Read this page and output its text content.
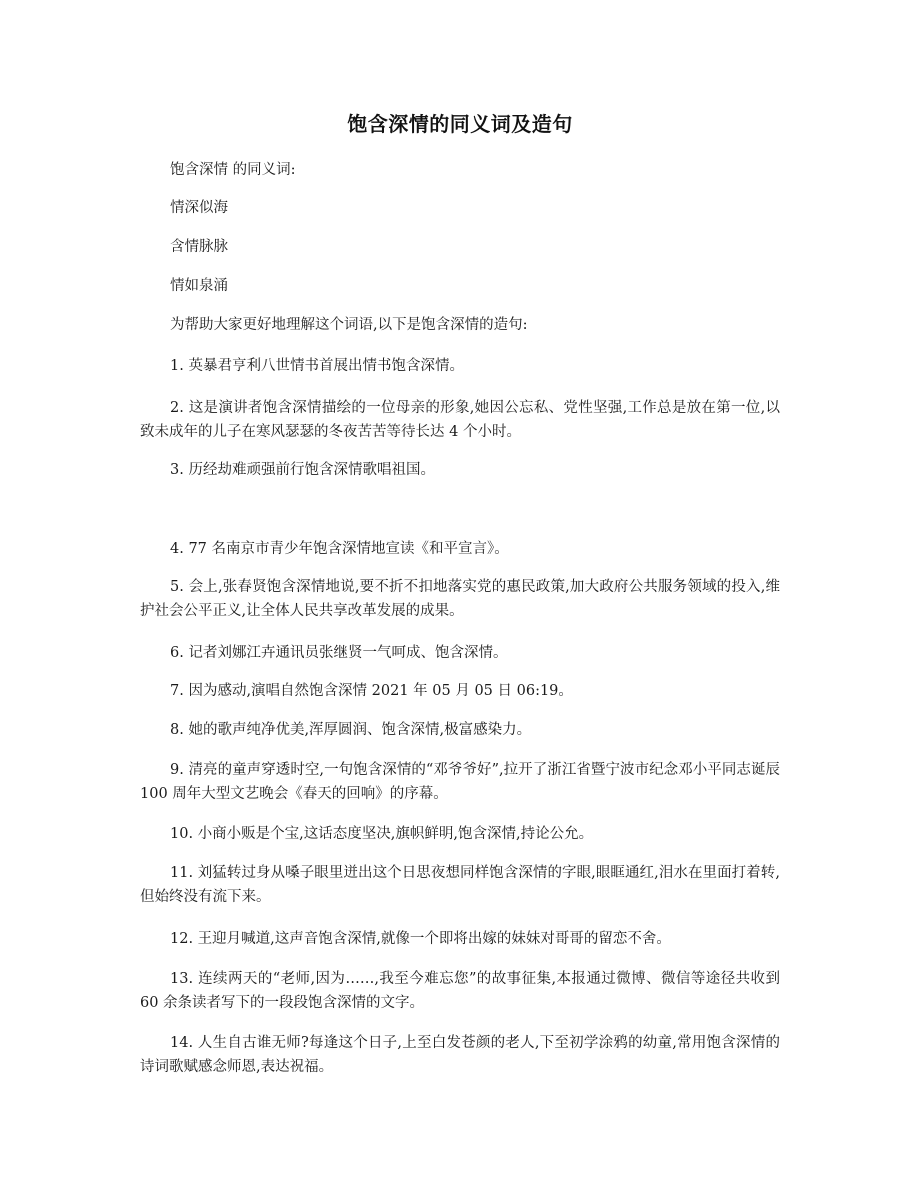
饱含深情的同义词及造句
饱含深情 的同义词:
情深似海
含情脉脉
情如泉涌
为帮助大家更好地理解这个词语,以下是饱含深情的造句:
1. 英暴君亨利八世情书首展出情书饱含深情。
2. 这是演讲者饱含深情描绘的一位母亲的形象,她因公忘私、党性坚强,工作总是放在第一位,以致未成年的儿子在寒风瑟瑟的冬夜苦苦等待长达 4 个小时。
3. 历经劫难顽强前行饱含深情歌唱祖国。
4. 77 名南京市青少年饱含深情地宣读《和平宣言》。
5. 会上,张春贤饱含深情地说,要不折不扣地落实党的惠民政策,加大政府公共服务领域的投入,维护社会公平正义,让全体人民共享改革发展的成果。
6. 记者刘娜江卉通讯员张继贤一气呵成、饱含深情。
7. 因为感动,演唱自然饱含深情 2021 年 05 月 05 日 06:19。
8. 她的歌声纯净优美,浑厚圆润、饱含深情,极富感染力。
9. 清亮的童声穿透时空,一句饱含深情的“邓爷爷好”,拉开了浙江省暨宁波市纪念邓小平同志诞辰 100 周年大型文艺晚会《春天的回响》的序幕。
10. 小商小贩是个宝,这话态度坚决,旗帜鲜明,饱含深情,持论公允。
11. 刘猛转过身从嗓子眼里迸出这个日思夜想同样饱含深情的字眼,眼眶通红,泪水在里面打着转,但始终没有流下来。
12. 王迎月喊道,这声音饱含深情,就像一个即将出嫁的妹妹对哥哥的留恋不舍。
13. 连续两天的“老师,因为……,我至今难忘您”的故事征集,本报通过微博、微信等途径共收到 60 余条读者写下的一段段饱含深情的文字。
14. 人生自古谁无师?每逢这个日子,上至白发苍颜的老人,下至初学涂鸦的幼童,常用饱含深情的诗词歌赋感念师恩,表达祝福。
